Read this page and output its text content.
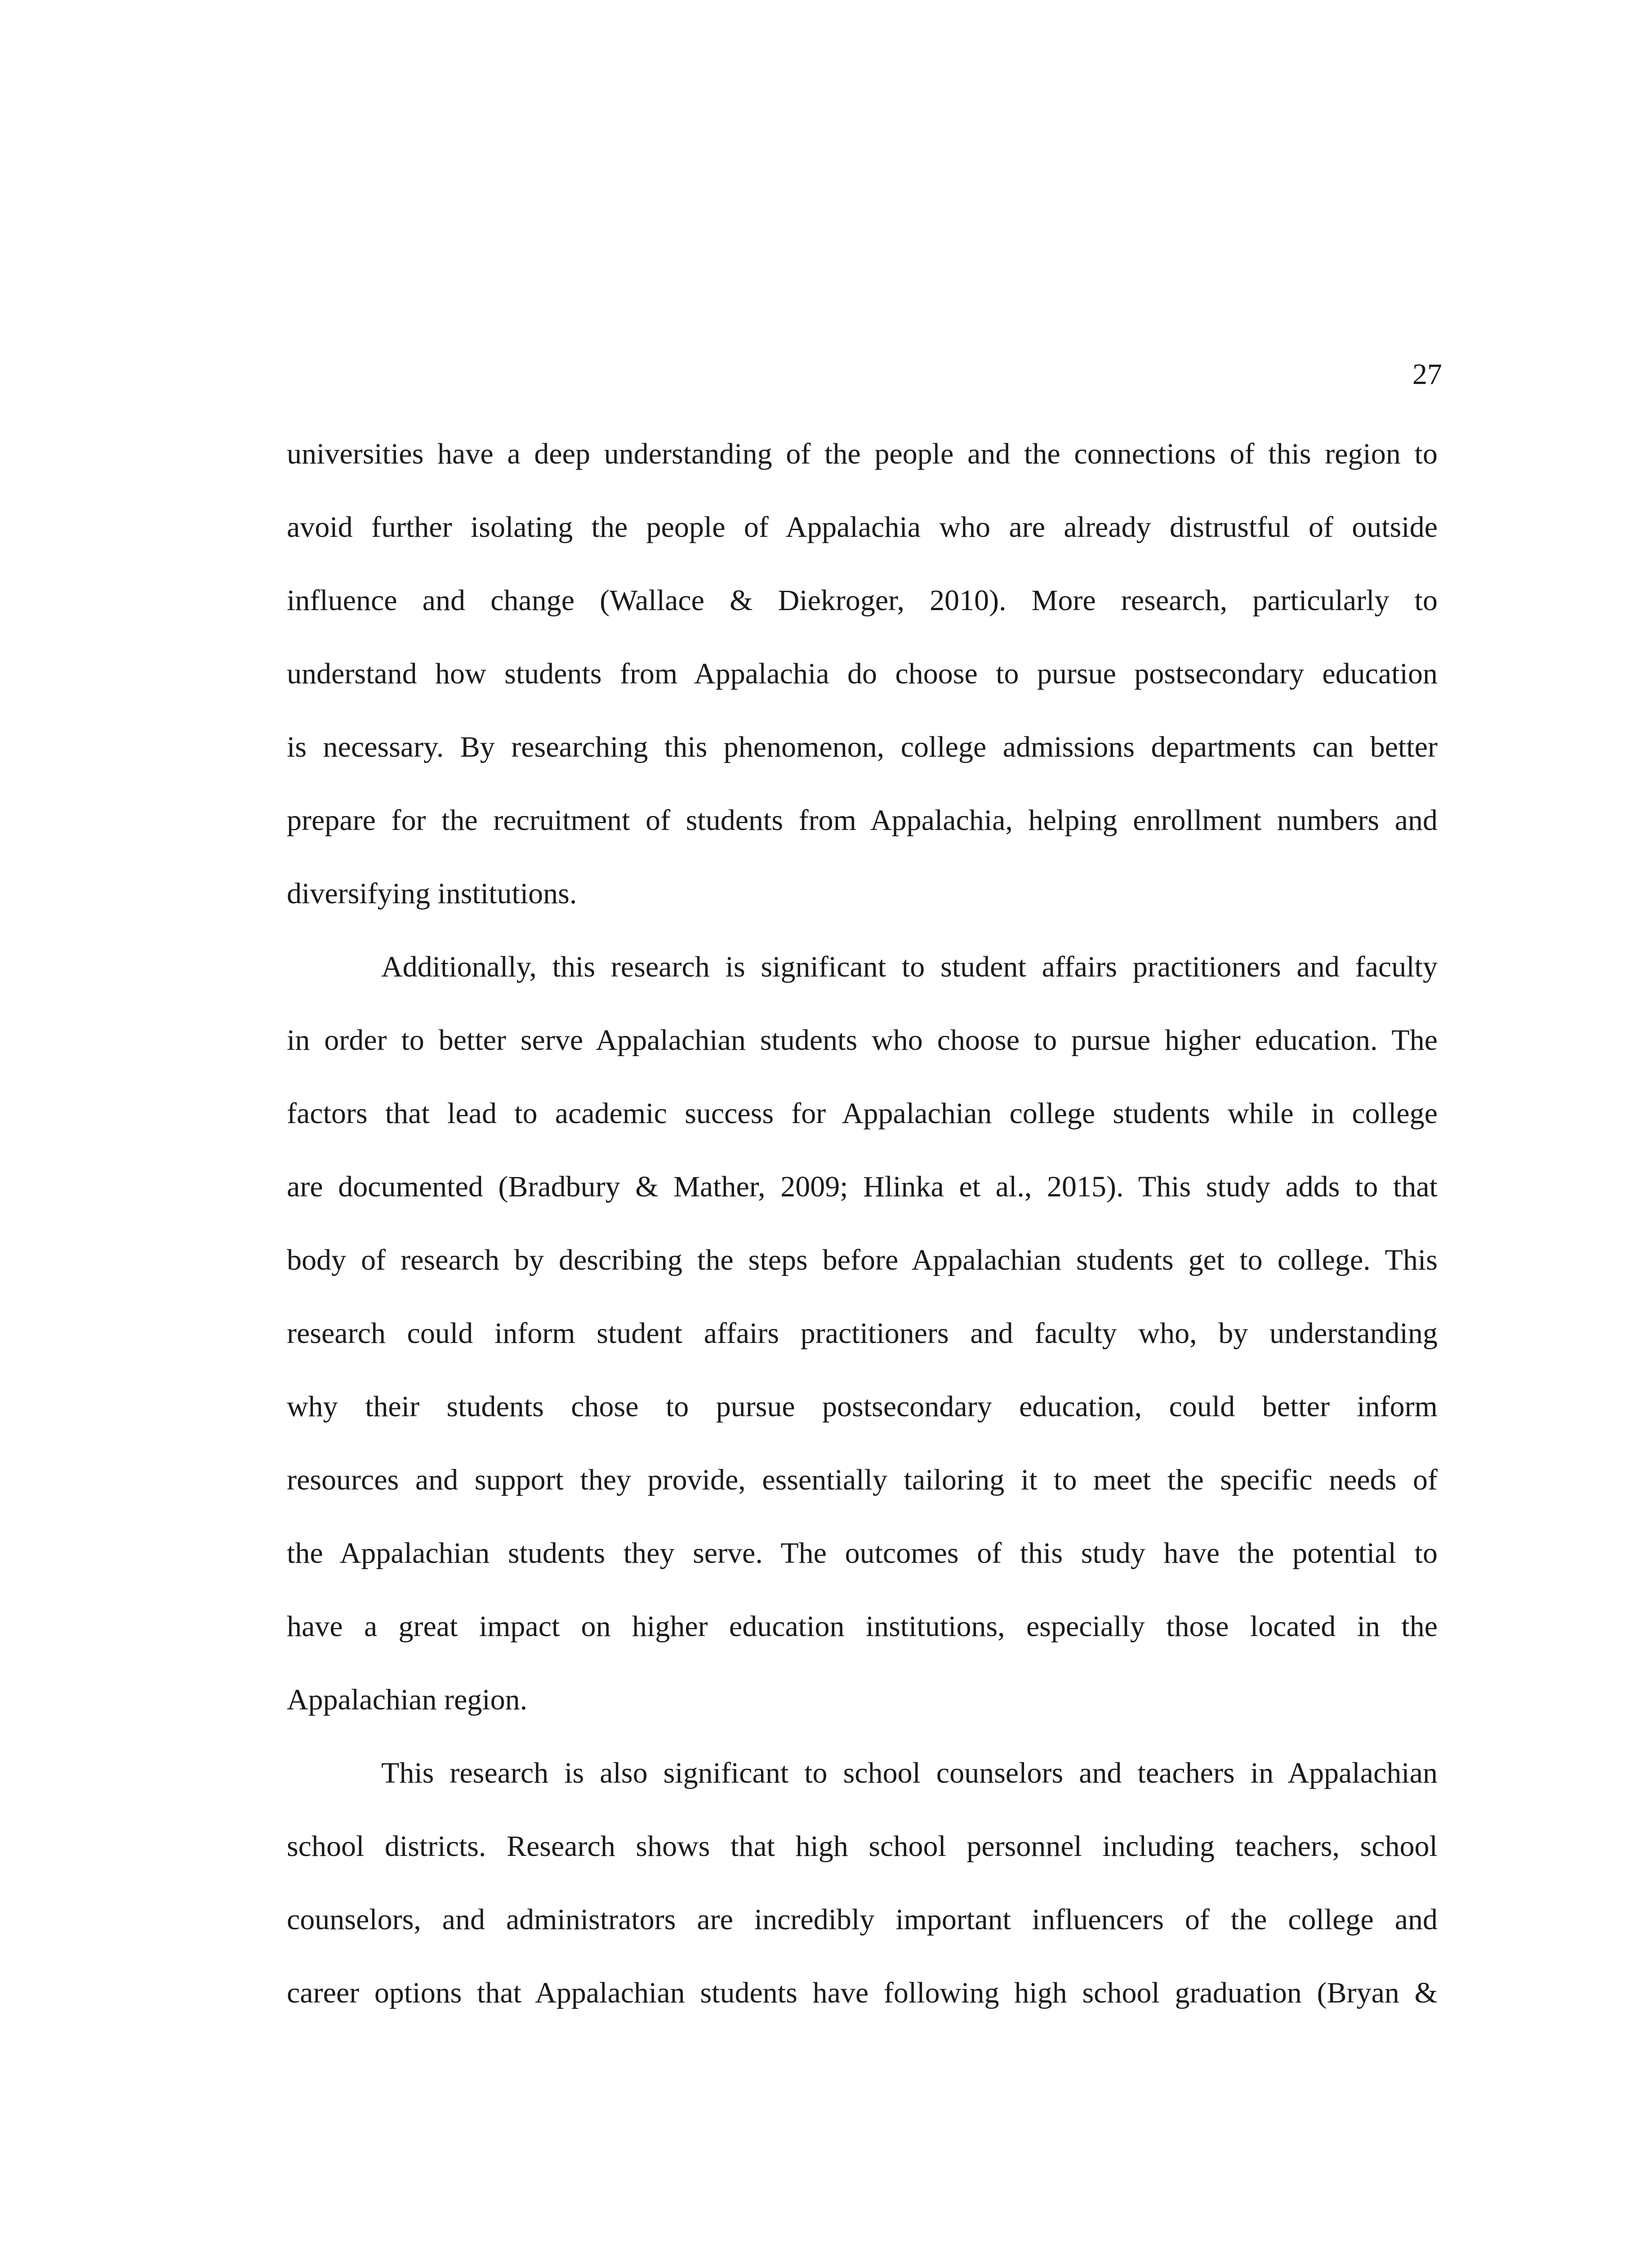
27
universities have a deep understanding of the people and the connections of this region to
avoid further isolating the people of Appalachia who are already distrustful of outside
influence and change (Wallace & Diekroger, 2010). More research, particularly to
understand how students from Appalachia do choose to pursue postsecondary education
is necessary. By researching this phenomenon, college admissions departments can better
prepare for the recruitment of students from Appalachia, helping enrollment numbers and
diversifying institutions.
Additionally, this research is significant to student affairs practitioners and faculty
in order to better serve Appalachian students who choose to pursue higher education. The
factors that lead to academic success for Appalachian college students while in college
are documented (Bradbury & Mather, 2009; Hlinka et al., 2015). This study adds to that
body of research by describing the steps before Appalachian students get to college. This
research could inform student affairs practitioners and faculty who, by understanding
why their students chose to pursue postsecondary education, could better inform
resources and support they provide, essentially tailoring it to meet the specific needs of
the Appalachian students they serve. The outcomes of this study have the potential to
have a great impact on higher education institutions, especially those located in the
Appalachian region.
This research is also significant to school counselors and teachers in Appalachian
school districts. Research shows that high school personnel including teachers, school
counselors, and administrators are incredibly important influencers of the college and
career options that Appalachian students have following high school graduation (Bryan &
